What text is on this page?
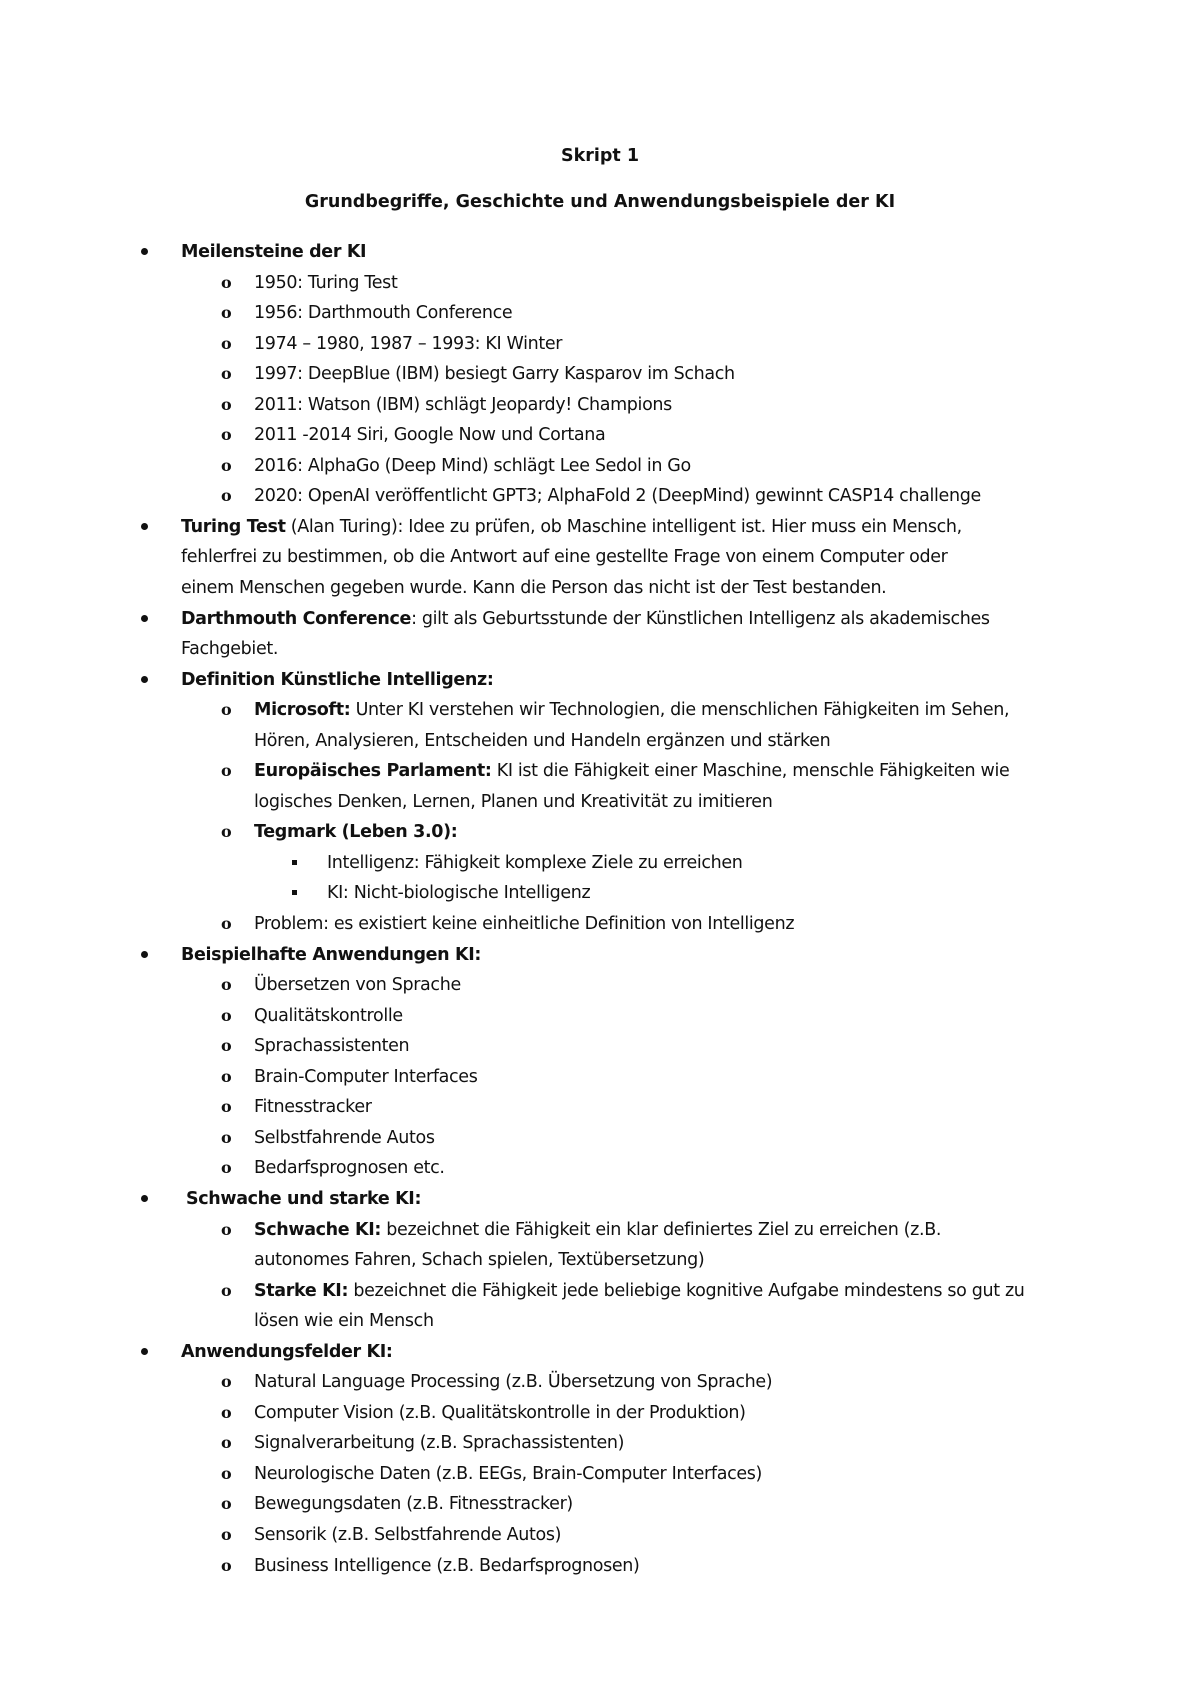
Skript 1
Grundbegriffe, Geschichte und Anwendungsbeispiele der KI
Meilensteine der KI
o 1950: Turing Test
o 1956: Darthmouth Conference
o 1974 – 1980, 1987 – 1993: KI Winter
o 1997: DeepBlue (IBM) besiegt Garry Kasparov im Schach
o 2011: Watson (IBM) schlägt Jeopardy! Champions
o 2011 -2014 Siri, Google Now und Cortana
o 2016: AlphaGo (Deep Mind) schlägt Lee Sedol in Go
o 2020: OpenAI veröffentlicht GPT3; AlphaFold 2 (DeepMind) gewinnt CASP14 challenge
Turing Test (Alan Turing): Idee zu prüfen, ob Maschine intelligent ist. Hier muss ein Mensch,
fehlerfrei zu bestimmen, ob die Antwort auf eine gestellte Frage von einem Computer oder
einem Menschen gegeben wurde. Kann die Person das nicht ist der Test bestanden.
Darthmouth Conference: gilt als Geburtsstunde der Künstlichen Intelligenz als akademisches
Fachgebiet.
Definition Künstliche Intelligenz:
o Microsoft: Unter KI verstehen wir Technologien, die menschlichen Fähigkeiten im Sehen,
Hören, Analysieren, Entscheiden und Handeln ergänzen und stärken
o Europäisches Parlament: KI ist die Fähigkeit einer Maschine, menschle Fähigkeiten wie
logisches Denken, Lernen, Planen und Kreativität zu imitieren
o Tegmark (Leben 3.0):
Intelligenz: Fähigkeit komplexe Ziele zu erreichen
KI: Nicht-biologische Intelligenz
o Problem: es existiert keine einheitliche Definition von Intelligenz
Beispielhafte Anwendungen KI:
o Übersetzen von Sprache
o Qualitätskontrolle
o Sprachassistenten
o Brain-Computer Interfaces
o Fitnesstracker
o Selbstfahrende Autos
o Bedarfsprognosen etc.
Schwache und starke KI:
o Schwache KI: bezeichnet die Fähigkeit ein klar definiertes Ziel zu erreichen (z.B.
autonomes Fahren, Schach spielen, Textübersetzung)
o Starke KI: bezeichnet die Fähigkeit jede beliebige kognitive Aufgabe mindestens so gut zu
lösen wie ein Mensch
Anwendungsfelder KI:
o Natural Language Processing (z.B. Übersetzung von Sprache)
o Computer Vision (z.B. Qualitätskontrolle in der Produktion)
o Signalverarbeitung (z.B. Sprachassistenten)
o Neurologische Daten (z.B. EEGs, Brain-Computer Interfaces)
o Bewegungsdaten (z.B. Fitnesstracker)
o Sensorik (z.B. Selbstfahrende Autos)
o Business Intelligence (z.B. Bedarfsprognosen)
